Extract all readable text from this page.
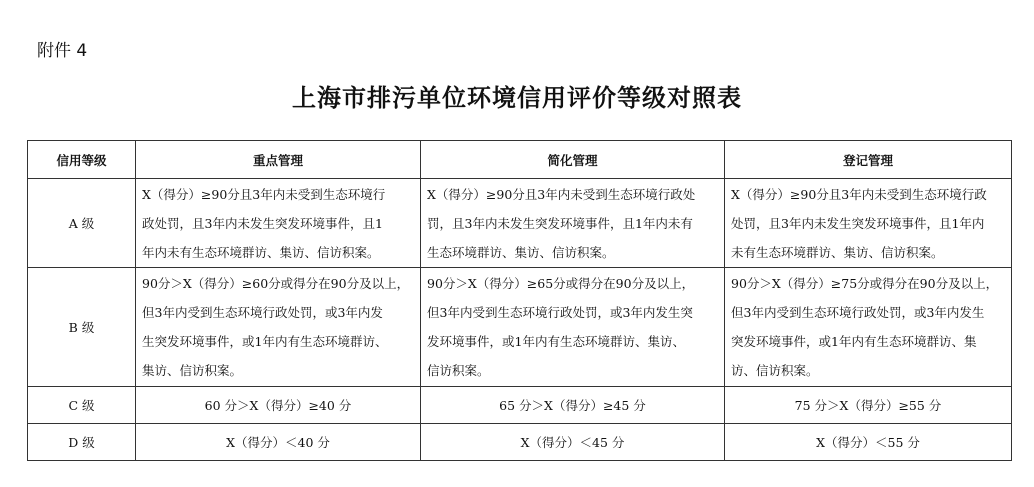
附件 4
上海市排污单位环境信用评价等级对照表
信用等级	重点管理	简化管理	登记管理
A 级	X（得分）≥90分且3年内未受到生态环境行
政处罚，且3年内未发生突发环境事件，且1
年内未有生态环境群访、集访、信访积案。	X（得分）≥90分且3年内未受到生态环境行政处
罚，且3年内未发生突发环境事件，且1年内未有
生态环境群访、集访、信访积案。	X（得分）≥90分且3年内未受到生态环境行政
处罚，且3年内未发生突发环境事件，且1年内
未有生态环境群访、集访、信访积案。

B 级	90分＞X（得分）≥60分或得分在90分及以上，
但3年内受到生态环境行政处罚，或3年内发
生突发环境事件，或1年内有生态环境群访、
集访、信访积案。	90分＞X（得分）≥65分或得分在90分及以上，
但3年内受到生态环境行政处罚，或3年内发生突
发环境事件，或1年内有生态环境群访、集访、
信访积案。	90分＞X（得分）≥75分或得分在90分及以上，
但3年内受到生态环境行政处罚，或3年内发生
突发环境事件，或1年内有生态环境群访、集
访、信访积案。

C 级	60 分＞X（得分）≥40 分	65 分＞X（得分）≥45 分	75 分＞X（得分）≥55 分

D 级	X（得分）＜40 分	X（得分）＜45 分	X（得分）＜55 分
